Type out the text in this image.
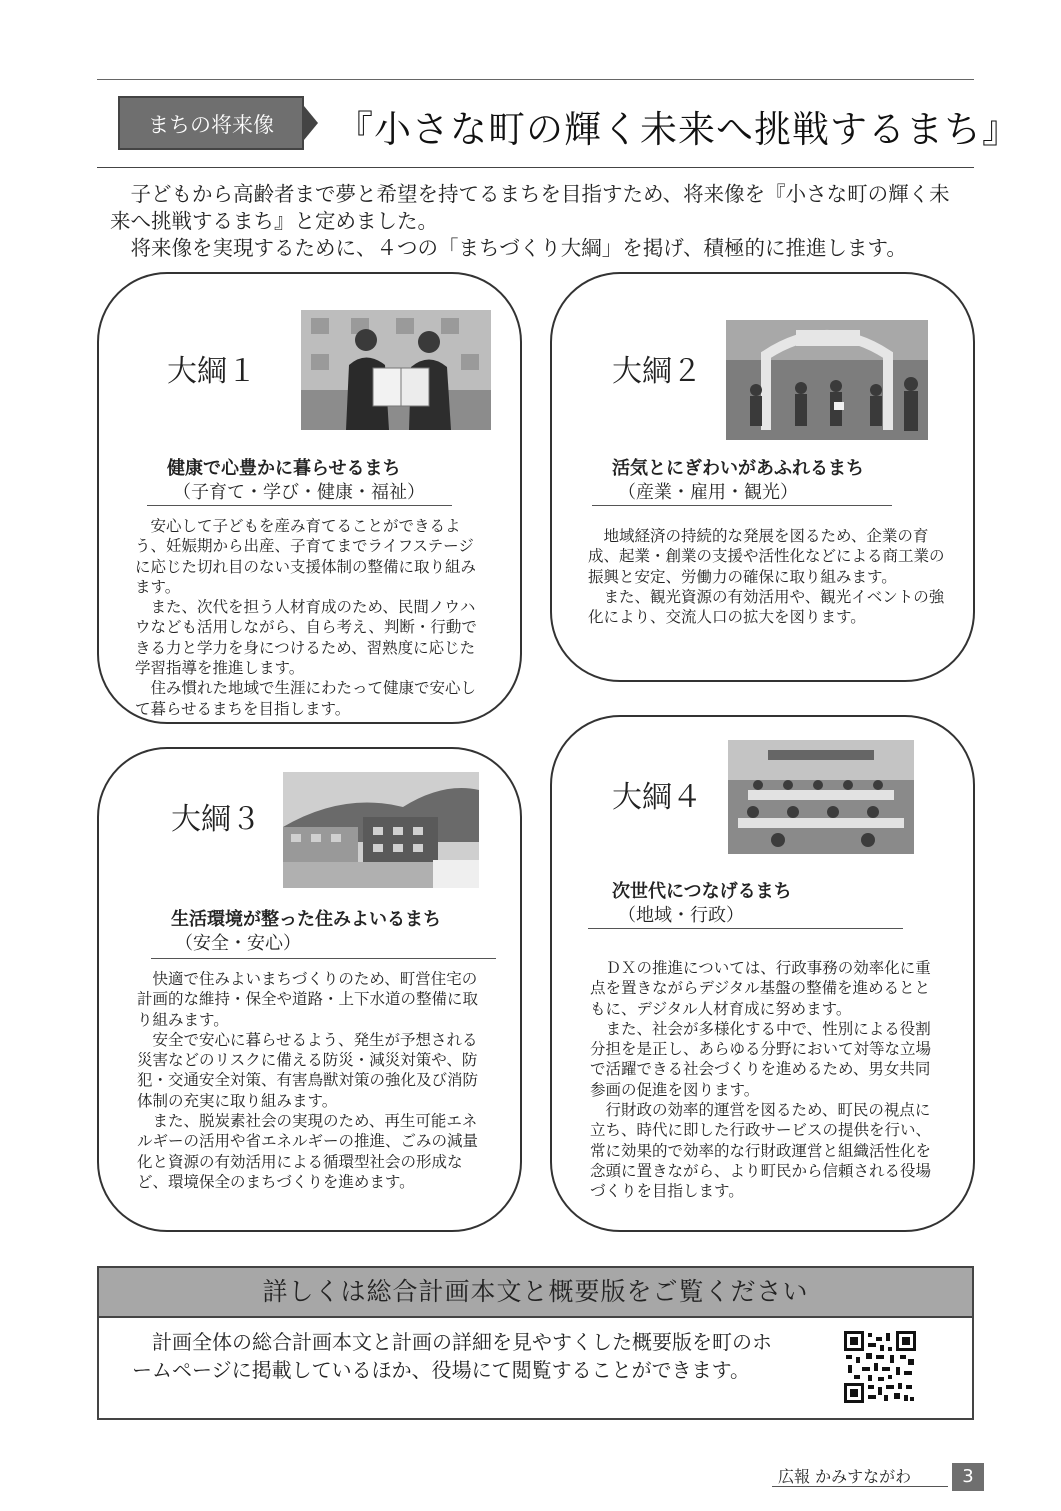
まちの将来像	『小さな町の輝く未来へ挑戦するまち』

子どもから高齢者まで夢と希望を持てるまちを目指すため、将来像を『小さな町の輝く未来へ挑戦するまち』と定めました。

将来像を実現するために、４つの「まちづくり大綱」を掲げ、積極的に推進します。

大綱１
健康で心豊かに暮らせるまち
（子育て・学び・健康・福祉）

安心して子どもを産み育てることができるよう、妊娠期から出産、子育てまでライフステージに応じた切れ目のない支援体制の整備に取り組みます。

また、次代を担う人材育成のため、民間ノウハウなども活用しながら、自ら考え、判断・行動できる力と学力を身につけるため、習熟度に応じた学習指導を推進します。

住み慣れた地域で生涯にわたって健康で安心して暮らせるまちを目指します。

大綱２
活気とにぎわいがあふれるまち
（産業・雇用・観光）

地域経済の持続的な発展を図るため、企業の育成、起業・創業の支援や活性化などによる商工業の振興と安定、労働力の確保に取り組みます。

また、観光資源の有効活用や、観光イベントの強化により、交流人口の拡大を図ります。

大綱３
生活環境が整った住みよいるまち
（安全・安心）

快適で住みよいまちづくりのため、町営住宅の計画的な維持・保全や道路・上下水道の整備に取り組みます。

安全で安心に暮らせるよう、発生が予想される災害などのリスクに備える防災・減災対策や、防犯・交通安全対策、有害鳥獣対策の強化及び消防体制の充実に取り組みます。

また、脱炭素社会の実現のため、再生可能エネルギーの活用や省エネルギーの推進、ごみの減量化と資源の有効活用による循環型社会の形成など、環境保全のまちづくりを進めます。

大綱４
次世代につなげるまち
（地域・行政）

ＤＸの推進については、行政事務の効率化に重点を置きながらデジタル基盤の整備を進めるとともに、デジタル人材育成に努めます。

また、社会が多様化する中で、性別による役割分担を是正し、あらゆる分野において対等な立場で活躍できる社会づくりを進めるため、男女共同参画の促進を図ります。

行財政の効率的運営を図るため、町民の視点に立ち、時代に即した行政サービスの提供を行い、常に効果的で効率的な行財政運営と組織活性化を念頭に置きながら、より町民から信頼される役場づくりを目指します。

詳しくは総合計画本文と概要版をご覧ください

計画全体の総合計画本文と計画の詳細を見やすくした概要版を町のホームページに掲載しているほか、役場にて閲覧することができます。

広報 かみすながわ	3
